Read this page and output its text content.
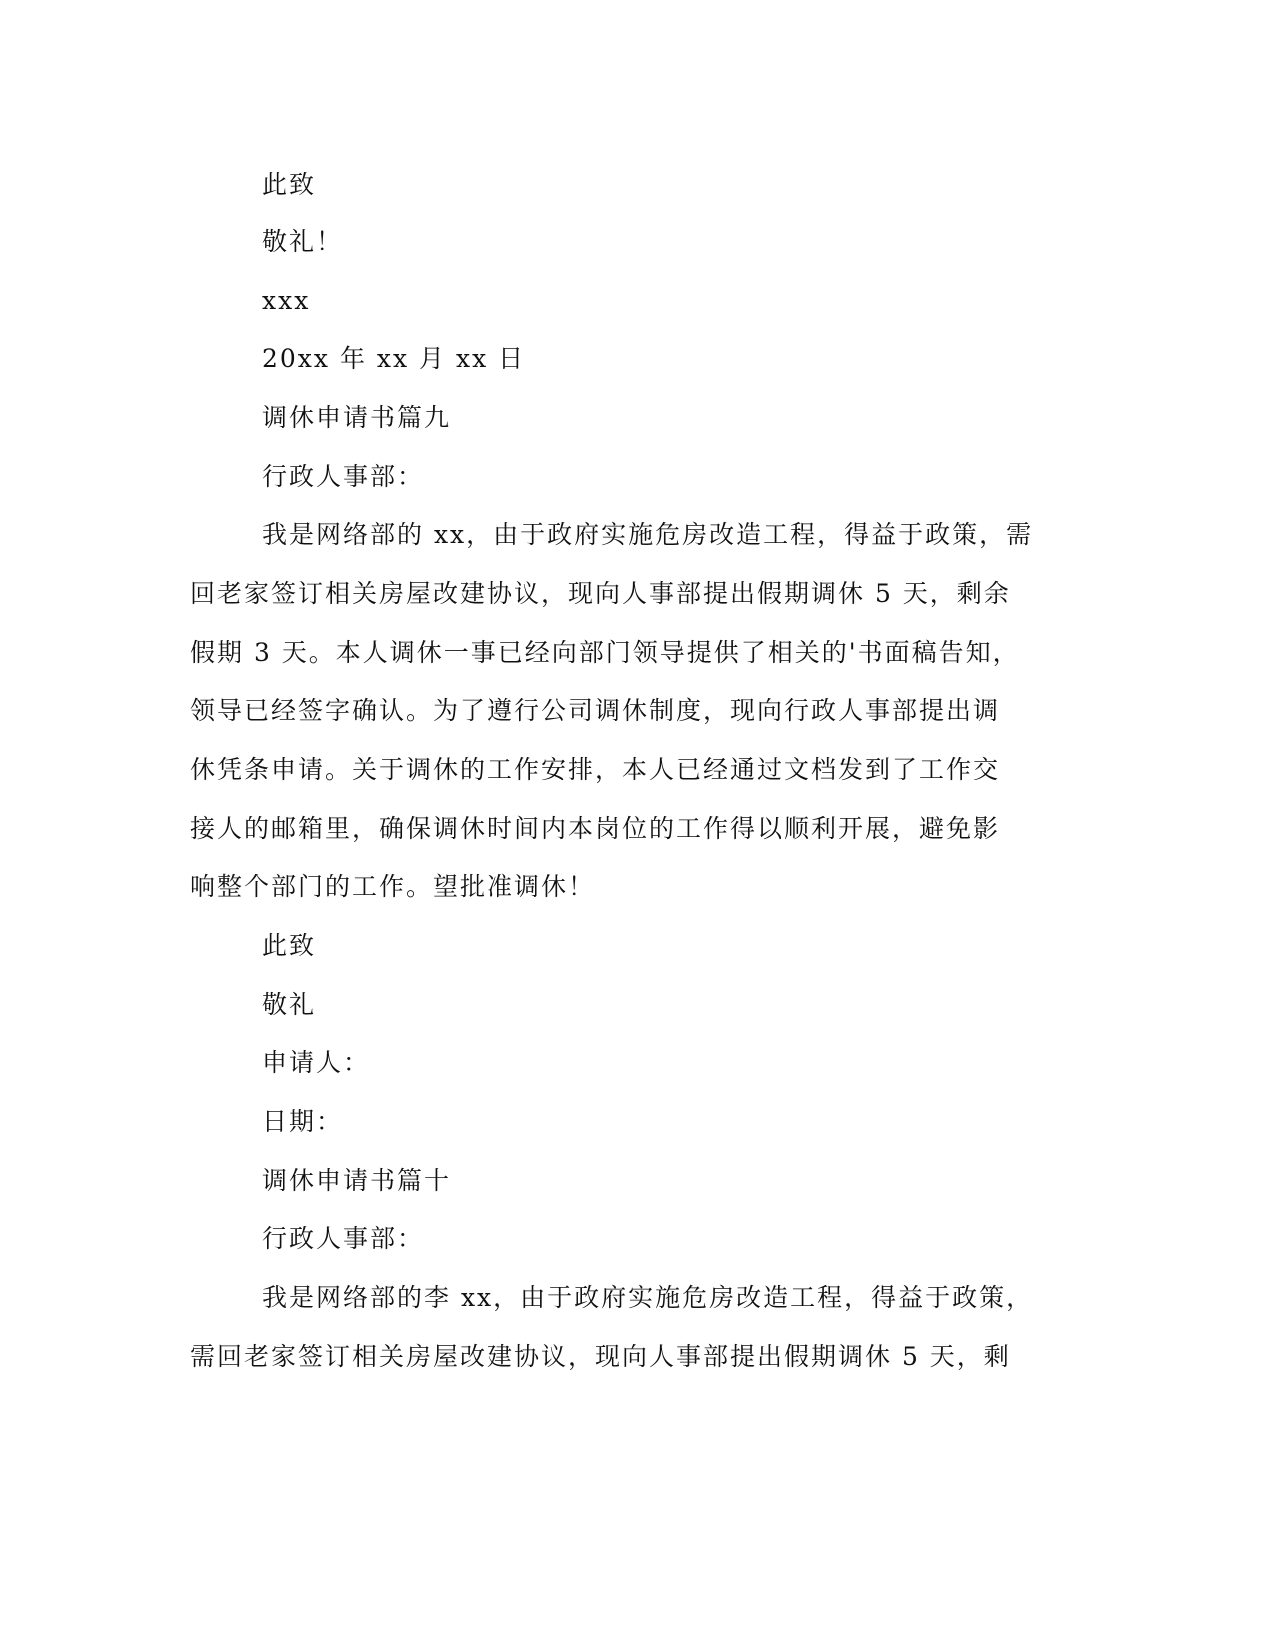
此致
敬礼！
xxx
20xx 年 xx 月 xx 日
调休申请书篇九
行政人事部：
我是网络部的 xx，由于政府实施危房改造工程，得益于政策，需
回老家签订相关房屋改建协议，现向人事部提出假期调休 5 天，剩余
假期 3 天。本人调休一事已经向部门领导提供了相关的'书面稿告知，
领导已经签字确认。为了遵行公司调休制度，现向行政人事部提出调
休凭条申请。关于调休的工作安排，本人已经通过文档发到了工作交
接人的邮箱里，确保调休时间内本岗位的工作得以顺利开展，避免影
响整个部门的工作。望批准调休！
此致
敬礼
申请人：
日期：
调休申请书篇十
行政人事部：
我是网络部的李 xx，由于政府实施危房改造工程，得益于政策，
需回老家签订相关房屋改建协议，现向人事部提出假期调休 5 天，剩
